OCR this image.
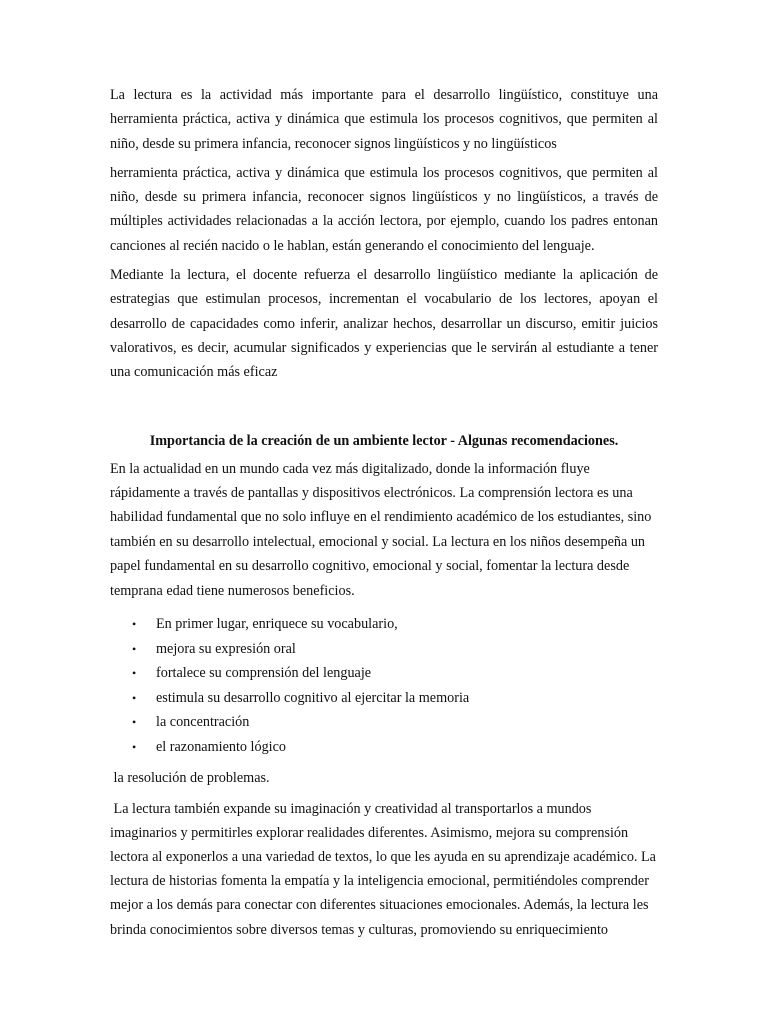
La lectura es la actividad más importante para el desarrollo lingüístico, constituye una herramienta práctica, activa y dinámica que estimula los procesos cognitivos, que permiten al niño, desde su primera infancia, reconocer signos lingüísticos y no lingüísticos

herramienta práctica, activa y dinámica que estimula los procesos cognitivos, que permiten al niño, desde su primera infancia, reconocer signos lingüísticos y no lingüísticos, a través de múltiples actividades relacionadas a la acción lectora, por ejemplo, cuando los padres entonan canciones al recién nacido o le hablan, están generando el conocimiento del lenguaje.

Mediante la lectura, el docente refuerza el desarrollo lingüístico mediante la aplicación de estrategias que estimulan procesos, incrementan el vocabulario de los lectores, apoyan el desarrollo de capacidades como inferir, analizar hechos, desarrollar un discurso, emitir juicios valorativos, es decir, acumular significados y experiencias que le servirán al estudiante a tener una comunicación más eficaz

Importancia de la creación de un ambiente lector - Algunas recomendaciones.

En la actualidad en un mundo cada vez más digitalizado, donde la información fluye rápidamente a través de pantallas y dispositivos electrónicos. La comprensión lectora es una habilidad fundamental que no solo influye en el rendimiento académico de los estudiantes, sino también en su desarrollo intelectual, emocional y social. La lectura en los niños desempeña un papel fundamental en su desarrollo cognitivo, emocional y social, fomentar la lectura desde temprana edad tiene numerosos beneficios.

• En primer lugar, enriquece su vocabulario,
• mejora su expresión oral
• fortalece su comprensión del lenguaje
• estimula su desarrollo cognitivo al ejercitar la memoria
• la concentración
• el razonamiento lógico

la resolución de problemas.

La lectura también expande su imaginación y creatividad al transportarlos a mundos imaginarios y permitirles explorar realidades diferentes. Asimismo, mejora su comprensión lectora al exponerlos a una variedad de textos, lo que les ayuda en su aprendizaje académico. La lectura de historias fomenta la empatía y la inteligencia emocional, permitiéndoles comprender mejor a los demás para conectar con diferentes situaciones emocionales. Además, la lectura les brinda conocimientos sobre diversos temas y culturas, promoviendo su enriquecimiento
